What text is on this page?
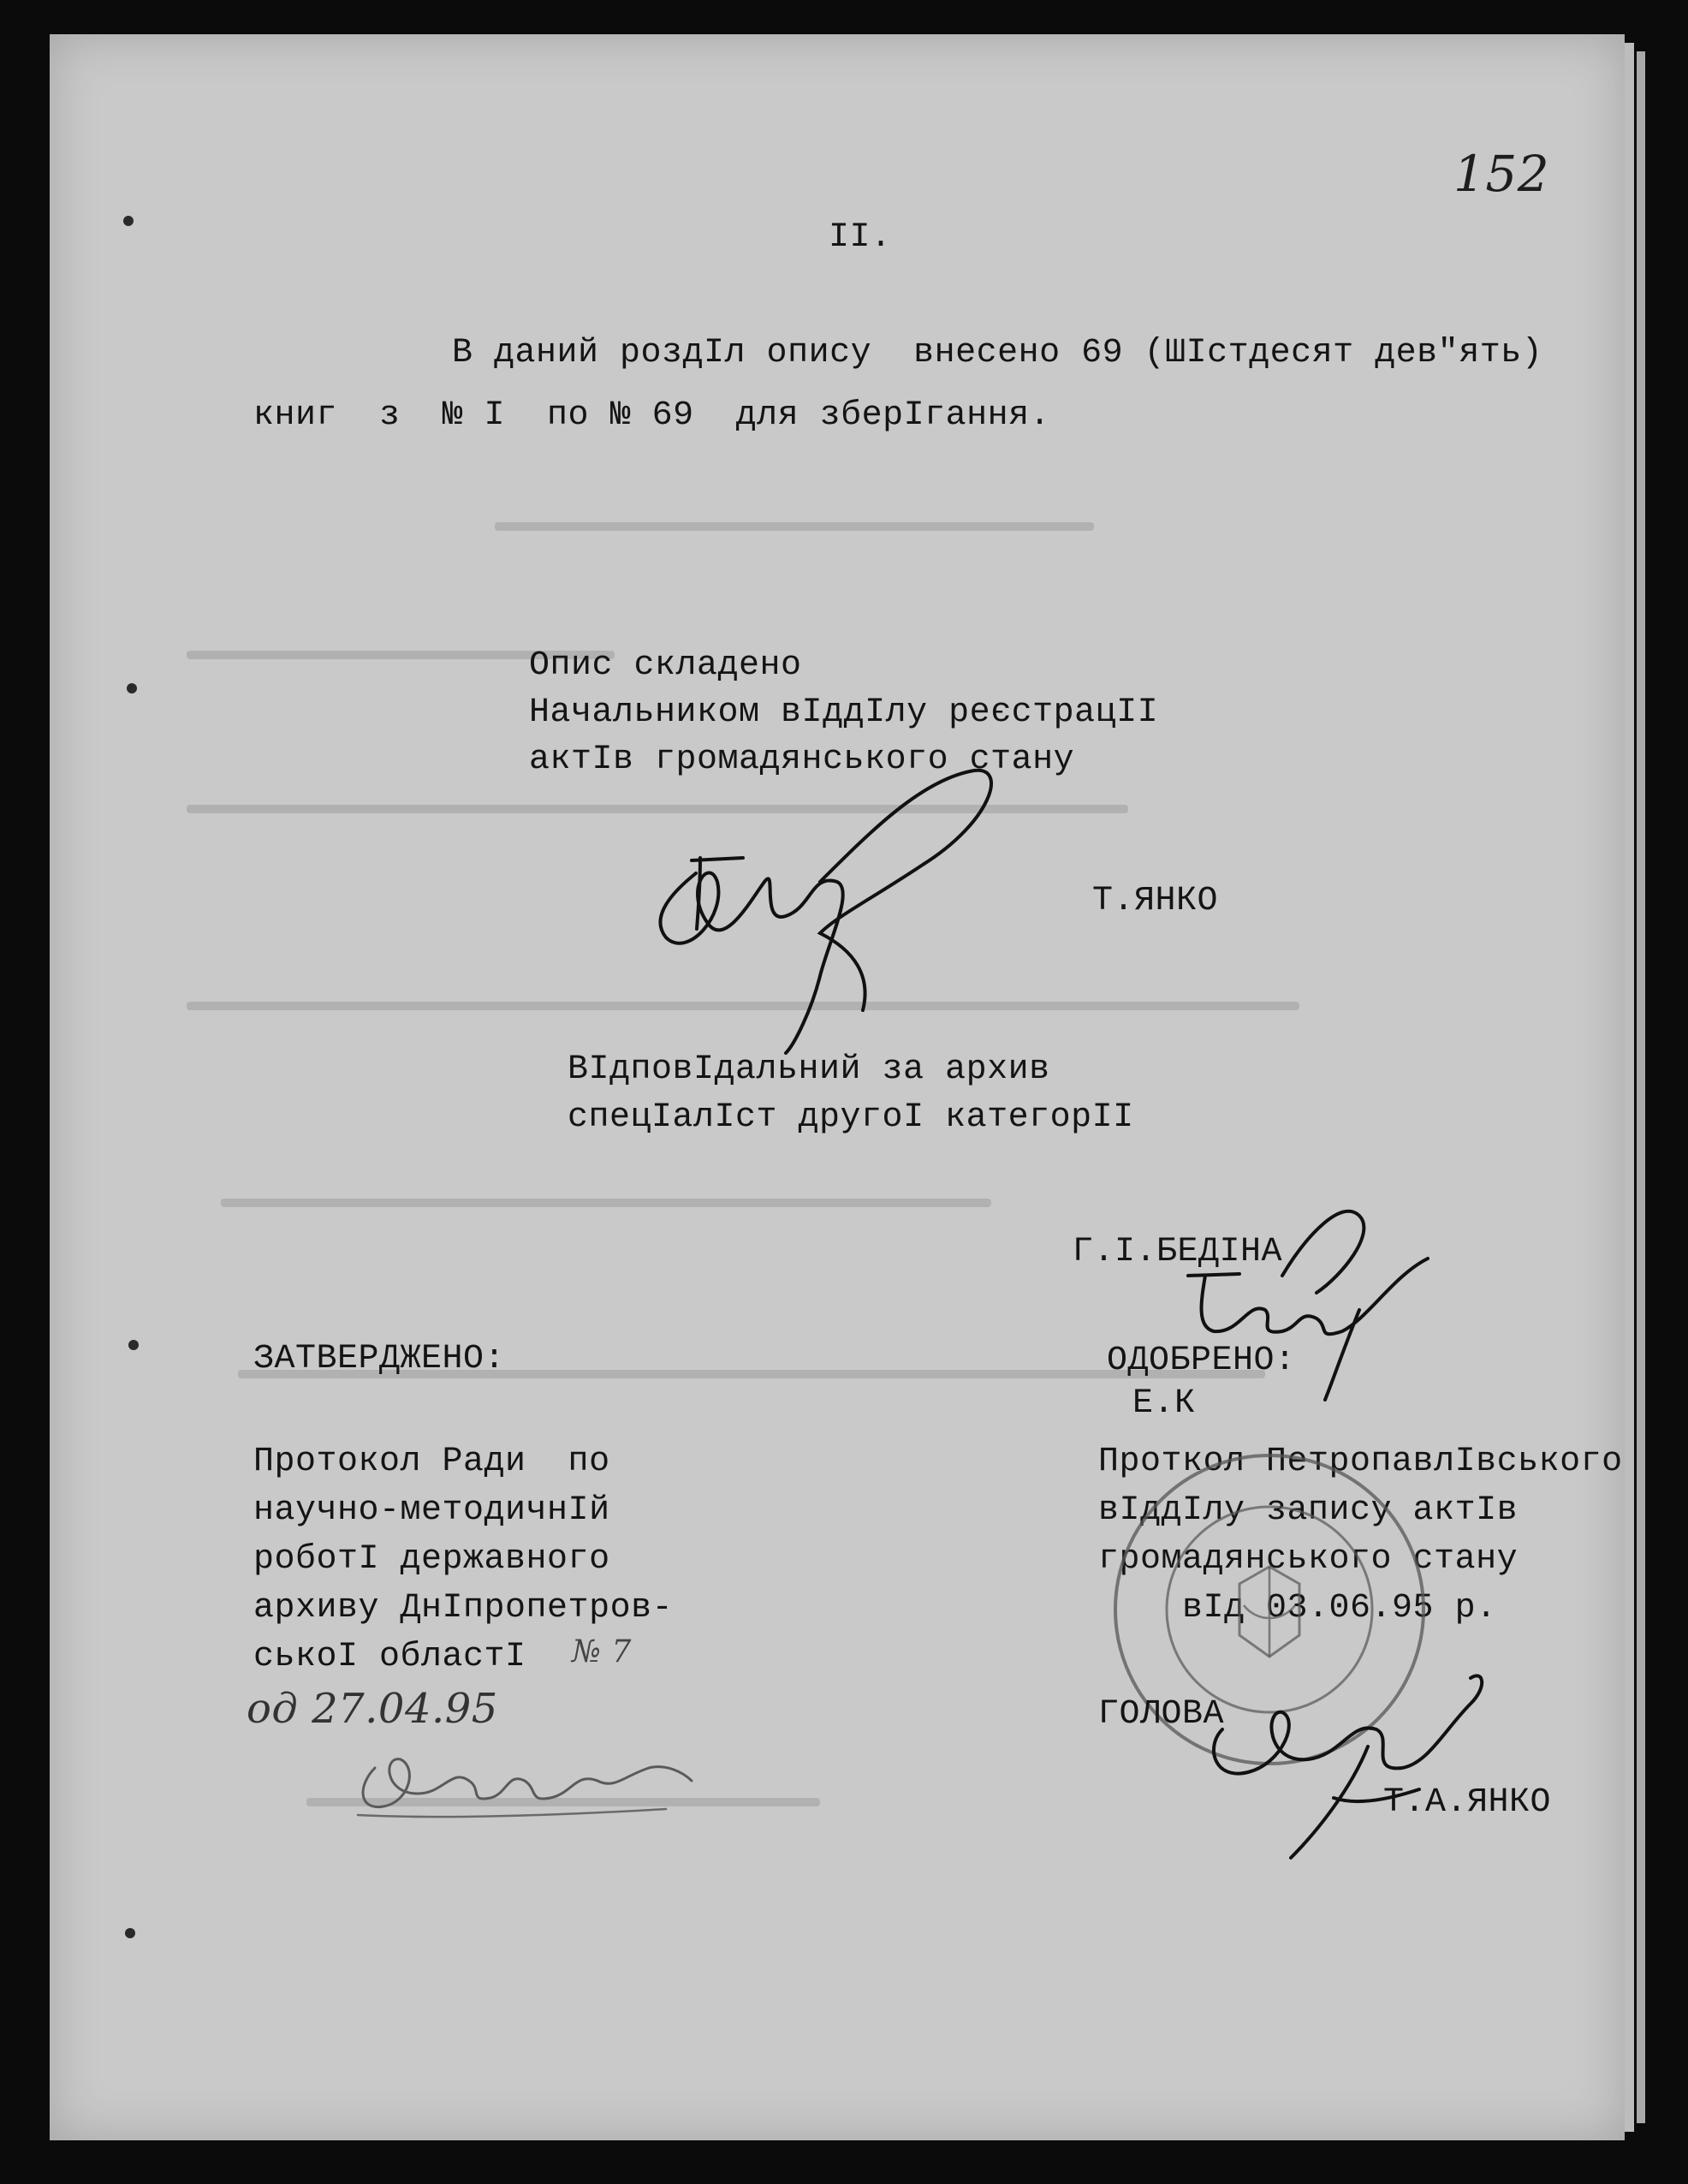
152
II.
В даний роздІл опису  внесено 69 (ШІстдесят дев"ять)
книг  з  № I  по № 69  для зберІгання.
Опис складено
Начальником вІддІлу реєстрацІІ
актІв громадянського стану
Т.ЯНКО
ВІдповІдальний за архив
спецІалІст другоІ категорІІ
Г.І.БЕДІНА
ЗАТВЕРДЖЕНО:
Протокол Ради  по
научно-методичнІй
роботІ державного
архиву ДнІпропетров-
ськоІ областІ № 7
од 27.04.95
ОДОБРЕНО:
Е.К
Проткол ПетропавлІвського
вІддІлу запису актІв
громадянського стану
вІд 03.06.95 р.
ГОЛОВА
Т.А.ЯНКО
